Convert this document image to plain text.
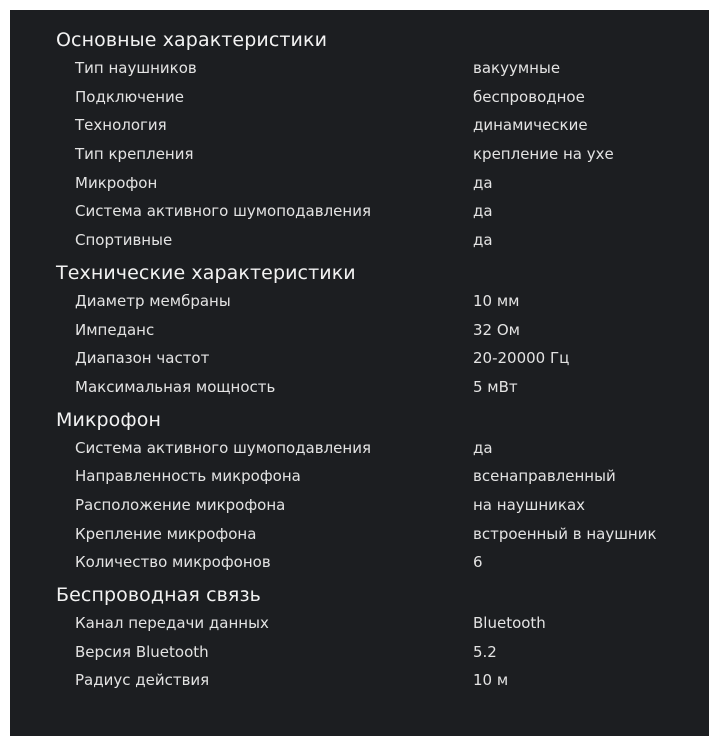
Основные характеристики
Тип наушников	вакуумные
Подключение	беспроводное
Технология	динамические
Тип крепления	крепление на ухе
Микрофон	да
Система активного шумоподавления	да
Спортивные	да
Технические характеристики
Диаметр мембраны	10 мм
Импеданс	32 Ом
Диапазон частот	20-20000 Гц
Максимальная мощность	5 мВт
Микрофон
Система активного шумоподавления	да
Направленность микрофона	всенаправленный
Расположение микрофона	на наушниках
Крепление микрофона	встроенный в наушник
Количество микрофонов	6
Беспроводная связь
Канал передачи данных	Bluetooth
Версия Bluetooth	5.2
Радиус действия	10 м
